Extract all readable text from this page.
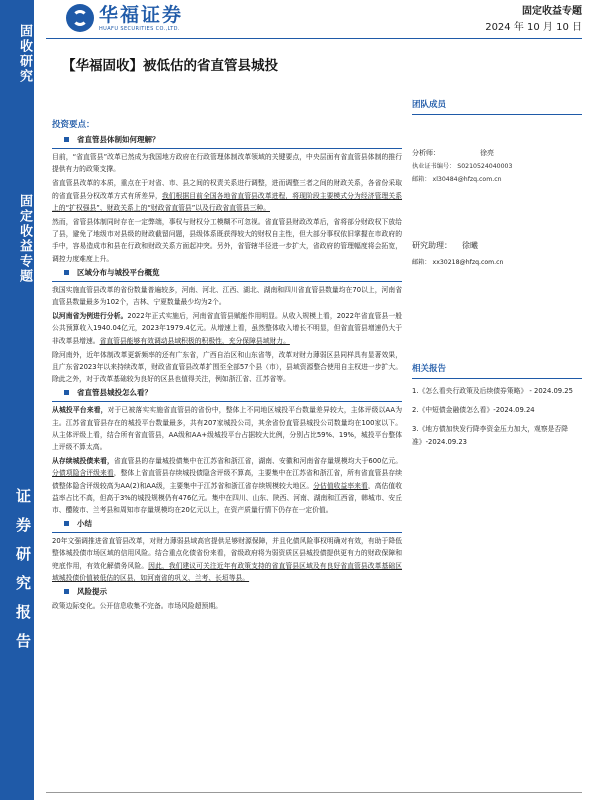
固收研究
固定收益专题
证券研究报告
华福证券
HUAFU SECURITIES CO.,LTD.
固定收益专题
2024 年 10 月 10 日
【华福固收】被低估的省直管县城投
投资要点：
省直管县体制如何理解？
目前，“省直管县”改革已然成为我国地方政府在行政管理体制改革领域的关键要点，中央层面有省直管县体制的推行提供有力的政策支撑。
省直管县改革的本质，重点在于对省、市、县之间的权责关系进行调整，进而调整三者之间的财政关系，各省份采取的省直管县分权改革方式有所差异，我们根据目前全国各地省直管县改革进程，将现阶段主要模式分为经济管理关系上的“扩权强县”、财政关系上的“财政省直管县”以及行政省直管县三种。
然而，省管县体制同时存在一定弊端，事权与财权分工模糊不可忽视。省直管县财政改革后，省将部分财政权下放给了县，避免了地级市对县级的财政截留问题，县级体系既获得较大的财权自主性，但大部分事权依旧掌握在市政府的手中，容易造成市和县在行政和财政关系方面起冲突。另外，省管辖半径进一步扩大，省政府的管理幅度将会拓宽，调控力度难度上升。
区域分布与城投平台概览
我国实施直管县改革的省份数量普遍较多，河南、河北、江西、湖北、湖南和四川省直管县数量均在70以上，河南省直管县数量最多为102个，吉林、宁夏数量最少均为2个。
以河南省为例进行分析。2022年正式实施后，河南省直管县赋能作用明显。从收入规模上看，2022年省直管县一般公共预算收入1940.04亿元，2023年1979.4亿元。从增速上看，虽然整体收入增长不明显，但省直管县增速仍大于非改革县增速。省直管县能够有效调动县域积极的积极性，充分保障县域财力。
除河南外，近年体制改革更新频率的还有广东省，广西自治区和山东省等，改革对财力薄弱区县同样具有显著效果，且广东省2023年以来持续改革，财政省直管县改革扩围至全部57个县（市），县域资源整合使用自主权进一步扩大。除此之外，对于改革基础较为良好的区县也值得关注，例如浙江省、江苏省等。
省直管县城投怎么看？
从城投平台来看，对于已被落实实施省直管县的省份中，整体上不同地区城投平台数量差异较大，主体评级以AA为主。江苏省直管县存在的城投平台数量最多，共有207家城投公司，其余省份直管县城投公司数量均在100家以下。从主体评级上看，结合所有省直管县，AA级和AA+级城投平台占据较大比例，分别占比59%、19%，城投平台整体上评级不算太高。
从存续城投债来看，省直管县的存量城投债集中在江苏省和浙江省，湖南、安徽和河南省存量规模均大于600亿元。分债项隐含评级来看，整体上省直管县存续城投债隐含评级不算高，主要集中在江苏省和浙江省，所有省直管县存续债整体隐含评级较高为AA(2)和AA级，主要集中于江苏省和浙江省存续规模较大地区。分估值收益率来看，高估值收益率占比不高，但高于3%的城投规模仍有476亿元。集中在四川、山东、陕西、河南、湖南和江西省，韩城市、安丘市、醴陵市、兰考县和周知市存量规模均在20亿元以上，在资产质量行情下仍存在一定价值。
小结
20年文强调推进省直管县改革，对财力薄弱县域高官提供足够财源保障，并且化债风险事权明确对有效，有助于降低整体城投债市场区域的信用风险。结合重点化债省份来看，省级政府将为弱资质区县城投债提供更有力的财政保障和兜底作用，有效化解债务风险。因此，我们建议可关注近年有政策支持的省直管县区域及有良好省直管县改革基础区域城投债价值被低估的区县，如河南省的巩义、兰考、长垣等县。
风险提示
政策边际变化。公开信息收集不完备。市场风险超预期。
团队成员
分析师：	徐亮
执业证书编号： S0210524040003
邮箱： xl30484@hfzq.com.cn
研究助理： 徐曦
邮箱： xx30218@hfzq.com.cn
相关报告
1.《怎么看央行政策及后续债券策略》 - 2024.09.25
2.《中短债金融债怎么看》-2024.09.24
3.《地方债加快发行降李资金压力加大，观察是否降准》-2024.09.23
